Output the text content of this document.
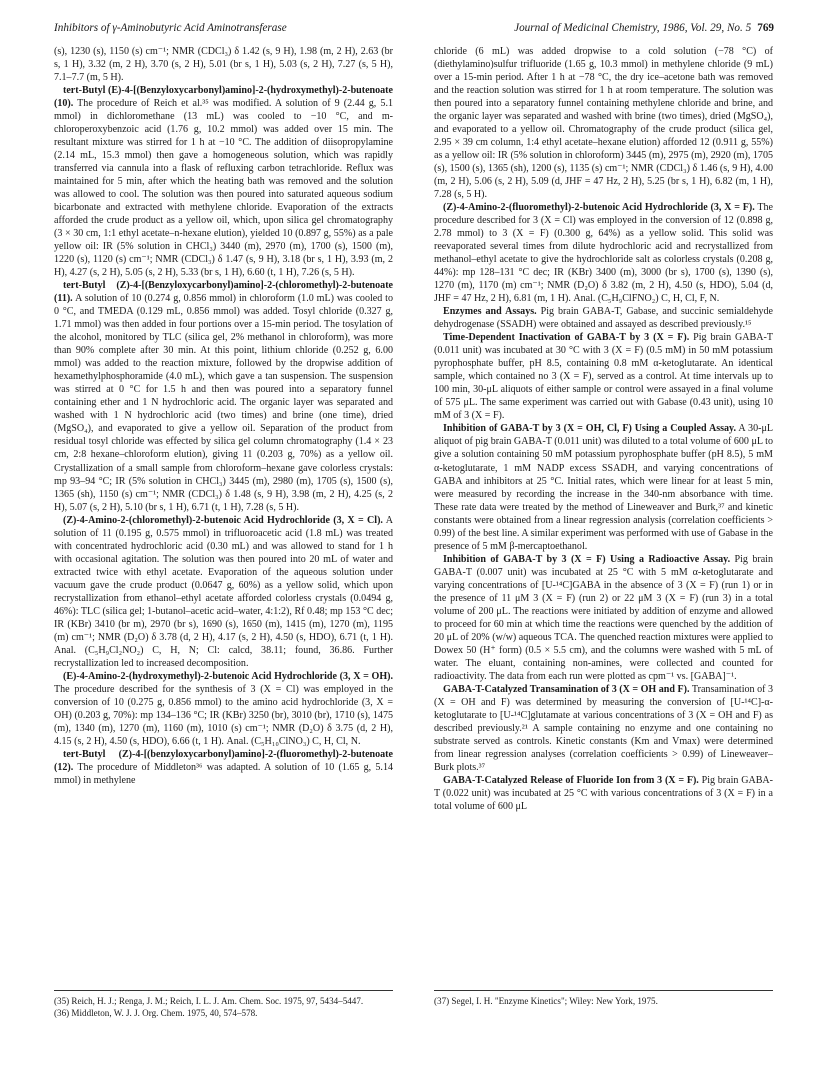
Inhibitors of γ-Aminobutyric Acid Aminotransferase	Journal of Medicinal Chemistry, 1986, Vol. 29, No. 5 769

(s), 1230 (s), 1150 (s) cm⁻¹; NMR (CDCl₃) δ 1.42 (s, 9 H), 1.98 (m, 2 H), 2.63 (br s, 1 H), 3.32 (m, 2 H), 3.70 (s, 2 H), 5.01 (br s, 1 H), 5.03 (s, 2 H), 7.27 (s, 5 H), 7.1–7.7 (m, 5 H).

tert-Butyl (E)-4-[(Benzyloxycarbonyl)amino]-2-(hydroxymethyl)-2-butenoate (10). The procedure of Reich et al.³⁵ was modified. A solution of 9 (2.44 g, 5.1 mmol) in dichloromethane (13 mL) was cooled to −10 °C, and m-chloroperoxybenzoic acid (1.76 g, 10.2 mmol) was added over 15 min. The resultant mixture was stirred for 1 h at −10 °C. The addition of diisopropylamine (2.14 mL, 15.3 mmol) then gave a homogeneous solution, which was rapidly transferred via cannula into a flask of refluxing carbon tetrachloride. Reflux was maintained for 5 min, after which the heating bath was removed and the solution was allowed to cool. The solution was then poured into saturated aqueous sodium bicarbonate and extracted with methylene chloride. Evaporation of the extracts afforded the crude product as a yellow oil, which, upon silica gel chromatography (3 × 30 cm, 1:1 ethyl acetate–n-hexane elution), yielded 10 (0.897 g, 55%) as a pale yellow oil: IR (5% solution in CHCl₃) 3440 (m), 2970 (m), 1700 (s), 1500 (m), 1220 (s), 1120 (s) cm⁻¹; NMR (CDCl₃) δ 1.47 (s, 9 H), 3.18 (br s, 1 H), 3.93 (m, 2 H), 4.27 (s, 2 H), 5.05 (s, 2 H), 5.33 (br s, 1 H), 6.60 (t, 1 H), 7.26 (s, 5 H).

tert-Butyl (Z)-4-[(Benzyloxycarbonyl)amino]-2-(chloromethyl)-2-butenoate (11). A solution of 10 (0.274 g, 0.856 mmol) in chloroform (1.0 mL) was cooled to 0 °C, and TMEDA (0.129 mL, 0.856 mmol) was added. Tosyl chloride (0.327 g, 1.71 mmol) was then added in four portions over a 15-min period. The tosylation of the alcohol, monitored by TLC (silica gel, 2% methanol in chloroform), was more than 90% complete after 30 min. At this point, lithium chloride (0.252 g, 6.00 mmol) was added to the reaction mixture, followed by the dropwise addition of hexamethylphosphoramide (4.0 mL), which gave a tan suspension. The suspension was stirred at 0 °C for 1.5 h and then was poured into a separatory funnel containing ether and 1 N hydrochloric acid. The organic layer was separated and washed with 1 N hydrochloric acid (two times) and brine (one time), dried (MgSO₄), and evaporated to give a yellow oil. Separation of the product from residual tosyl chloride was effected by silica gel column chromatography (1.4 × 23 cm, 2:8 hexane–chloroform elution), giving 11 (0.203 g, 70%) as a yellow oil. Crystallization of a small sample from chloroform–hexane gave colorless crystals: mp 93–94 °C; IR (5% solution in CHCl₃) 3445 (m), 2980 (m), 1705 (s), 1500 (s), 1365 (sh), 1150 (s) cm⁻¹; NMR (CDCl₃) δ 1.48 (s, 9 H), 3.98 (m, 2 H), 4.25 (s, 2 H), 5.07 (s, 2 H), 5.10 (br s, 1 H), 6.71 (t, 1 H), 7.28 (s, 5 H).

(Z)-4-Amino-2-(chloromethyl)-2-butenoic Acid Hydrochloride (3, X = Cl). A solution of 11 (0.195 g, 0.575 mmol) in trifluoroacetic acid (1.8 mL) was treated with concentrated hydrochloric acid (0.30 mL) and was allowed to stand for 1 h with occasional agitation. The solution was then poured into 20 mL of water and extracted twice with ethyl acetate. Evaporation of the aqueous solution under vacuum gave the crude product (0.0647 g, 60%) as a yellow solid, which upon recrystallization from ethanol–ethyl acetate afforded colorless crystals (0.0494 g, 46%): TLC (silica gel; 1-butanol–acetic acid–water, 4:1:2), Rf 0.48; mp 153 °C dec; IR (KBr) 3410 (br m), 2970 (br s), 1690 (s), 1650 (m), 1415 (m), 1270 (m), 1195 (m) cm⁻¹; NMR (D₂O) δ 3.78 (d, 2 H), 4.17 (s, 2 H), 4.50 (s, HDO), 6.71 (t, 1 H). Anal. (C₅H₉Cl₂NO₂) C, H, N; Cl: calcd, 38.11; found, 36.86. Further recrystallization led to increased decomposition.

(E)-4-Amino-2-(hydroxymethyl)-2-butenoic Acid Hydrochloride (3, X = OH). The procedure described for the synthesis of 3 (X = Cl) was employed in the conversion of 10 (0.275 g, 0.856 mmol) to the amino acid hydrochloride (3, X = OH) (0.203 g, 70%): mp 134–136 °C; IR (KBr) 3250 (br), 3010 (br), 1710 (s), 1475 (m), 1340 (m), 1270 (m), 1160 (m), 1010 (s) cm⁻¹; NMR (D₂O) δ 3.75 (d, 2 H), 4.15 (s, 2 H), 4.50 (s, HDO), 6.66 (t, 1 H). Anal. (C₅H₁₀ClNO₃) C, H, Cl, N.

tert-Butyl (Z)-4-[(benzyloxycarbonyl)amino]-2-(fluoromethyl)-2-butenoate (12). The procedure of Middleton³⁶ was adapted. A solution of 10 (1.65 g, 5.14 mmol) in methylene

chloride (6 mL) was added dropwise to a cold solution (−78 °C) of (diethylamino)sulfur trifluoride (1.65 g, 10.3 mmol) in methylene chloride (9 mL) over a 15-min period. After 1 h at −78 °C, the dry ice–acetone bath was removed and the reaction solution was stirred for 1 h at room temperature. The solution was then poured into a separatory funnel containing methylene chloride and brine, and the organic layer was separated and washed with brine (two times), dried (MgSO₄), and evaporated to a yellow oil. Chromatography of the crude product (silica gel, 2.95 × 39 cm column, 1:4 ethyl acetate–hexane elution) afforded 12 (0.911 g, 55%) as a yellow oil: IR (5% solution in chloroform) 3445 (m), 2975 (m), 2920 (m), 1705 (s), 1500 (s), 1365 (sh), 1200 (s), 1135 (s) cm⁻¹; NMR (CDCl₃) δ 1.46 (s, 9 H), 4.00 (m, 2 H), 5.06 (s, 2 H), 5.09 (d, JHF = 47 Hz, 2 H), 5.25 (br s, 1 H), 6.82 (m, 1 H), 7.28 (s, 5 H).

(Z)-4-Amino-2-(fluoromethyl)-2-butenoic Acid Hydrochloride (3, X = F). The procedure described for 3 (X = Cl) was employed in the conversion of 12 (0.898 g, 2.78 mmol) to 3 (X = F) (0.300 g, 64%) as a yellow solid. This solid was reevaporated several times from dilute hydrochloric acid and recrystallized from methanol–ethyl acetate to give the hydrochloride salt as colorless crystals (0.208 g, 44%): mp 128–131 °C dec; IR (KBr) 3400 (m), 3000 (br s), 1700 (s), 1390 (s), 1270 (m), 1170 (m) cm⁻¹; NMR (D₂O) δ 3.82 (m, 2 H), 4.50 (s, HDO), 5.04 (d, JHF = 47 Hz, 2 H), 6.81 (m, 1 H). Anal. (C₅H₉ClFNO₂) C, H, Cl, F, N.

Enzymes and Assays. Pig brain GABA-T, Gabase, and succinic semialdehyde dehydrogenase (SSADH) were obtained and assayed as described previously.¹⁵

Time-Dependent Inactivation of GABA-T by 3 (X = F). Pig brain GABA-T (0.011 unit) was incubated at 30 °C with 3 (X = F) (0.5 mM) in 50 mM potassium pyrophosphate buffer, pH 8.5, containing 0.8 mM α-ketoglutarate. An identical sample, which contained no 3 (X = F), served as a control. At time intervals up to 100 min, 30-μL aliquots of either sample or control were assayed in a final volume of 575 μL. The same experiment was carried out with Gabase (0.43 unit), using 10 mM of 3 (X = F).

Inhibition of GABA-T by 3 (X = OH, Cl, F) Using a Coupled Assay. A 30-μL aliquot of pig brain GABA-T (0.011 unit) was diluted to a total volume of 600 μL to give a solution containing 50 mM potassium pyrophosphate buffer (pH 8.5), 5 mM α-ketoglutarate, 1 mM NADP excess SSADH, and varying concentrations of GABA and inhibitors at 25 °C. Initial rates, which were linear for at least 5 min, were measured by recording the increase in the 340-nm absorbance with time. These rate data were treated by the method of Lineweaver and Burk,³⁷ and kinetic constants were obtained from a linear regression analysis (correlation coefficients > 0.99) of the best line. A similar experiment was performed with use of Gabase in the presence of 5 mM β-mercaptoethanol.

Inhibition of GABA-T by 3 (X = F) Using a Radioactive Assay. Pig brain GABA-T (0.007 unit) was incubated at 25 °C with 5 mM α-ketoglutarate and varying concentrations of [U-¹⁴C]GABA in the absence of 3 (X = F) (run 1) or in the presence of 11 μM 3 (X = F) (run 2) or 22 μM 3 (X = F) (run 3) in a total volume of 200 μL. The reactions were initiated by addition of enzyme and allowed to proceed for 60 min at which time the reactions were quenched by the addition of 20 μL of 20% (w/w) aqueous TCA. The quenched reaction mixtures were applied to Dowex 50 (H⁺ form) (0.5 × 5.5 cm), and the columns were washed with 5 mL of water. The eluant, containing non-amines, were collected and counted for radioactivity. The data from each run were plotted as cpm⁻¹ vs. [GABA]⁻¹.

GABA-T-Catalyzed Transamination of 3 (X = OH and F). Transamination of 3 (X = OH and F) was determined by measuring the conversion of [U-¹⁴C]-α-ketoglutarate to [U-¹⁴C]glutamate at various concentrations of 3 (X = OH and F) as described previously.²¹ A sample containing no enzyme and one containing no substrate served as controls. Kinetic constants (Km and Vmax) were determined from linear regression analyses (correlation coefficients > 0.99) of Lineweaver–Burk plots.³⁷

GABA-T-Catalyzed Release of Fluoride Ion from 3 (X = F). Pig brain GABA-T (0.022 unit) was incubated at 25 °C with various concentrations of 3 (X = F) in a total volume of 600 μL

(35) Reich, H. J.; Renga, J. M.; Reich, I. L. J. Am. Chem. Soc. 1975, 97, 5434–5447.
(36) Middleton, W. J. J. Org. Chem. 1975, 40, 574–578.
(37) Segel, I. H. "Enzyme Kinetics"; Wiley: New York, 1975.
